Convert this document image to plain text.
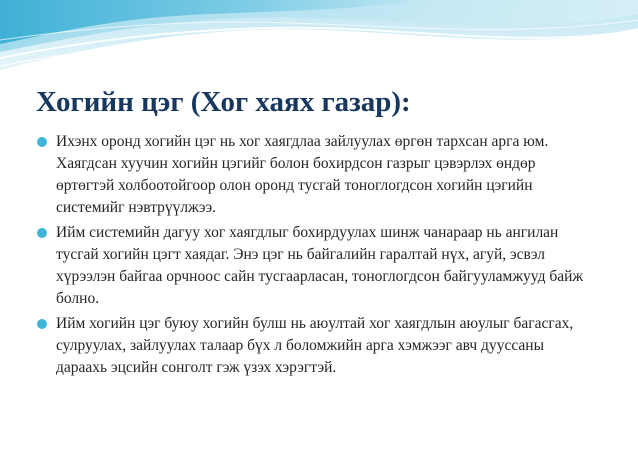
Хогийн цэг (Хог хаях газар):
Ихэнх оронд хогийн цэг нь хог хаягдлаа зайлуулах өргөн тархсан арга юм. Хаягдсан хуучин хогийн цэгийг болон бохирдсон газрыг цэвэрлэх өндөр өртөгтэй холбоотойгоор олон оронд тусгай тоноглогдсон хогийн цэгийн системийг нэвтрүүлжээ.
Ийм системийн дагуу хог хаягдлыг бохирдуулах шинж чанараар нь ангилан тусгай хогийн цэгт хаядаг. Энэ цэг нь байгалийн гаралтай нүх, агуй, эсвэл хүрээлэн байгаа орчноос сайн тусгаарласан, тоноглогдсон байгууламжууд байж болно.
Ийм хогийн цэг буюу хогийн булш нь аюултай хог хаягдлын аюулыг багасгах, сулруулах, зайлуулах талаар бүх л боломжийн арга хэмжээг авч дууссаны дараахь эцсийн сонголт гэж үзэх хэрэгтэй.
